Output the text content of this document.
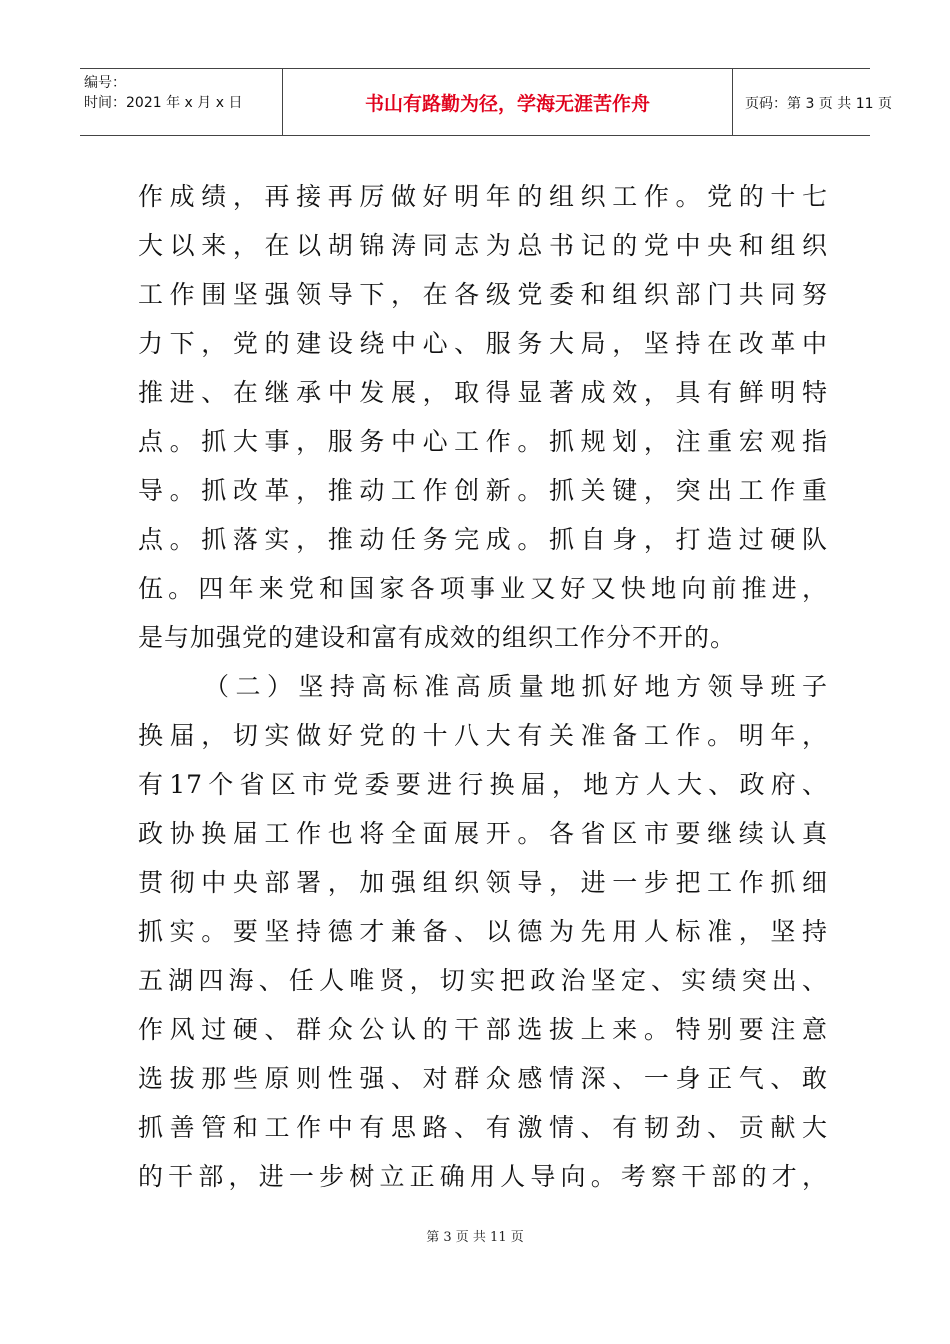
编号：
时间：2021 年 x 月 x 日	书山有路勤为径，学海无涯苦作舟	页码：第 3 页 共 11 页
作成绩，再接再厉做好明年的组织工作。党的十七
大以来，在以胡锦涛同志为总书记的党中央和组织
工作围坚强领导下，在各级党委和组织部门共同努
力下，党的建设绕中心、服务大局，坚持在改革中
推进、在继承中发展，取得显著成效，具有鲜明特
点。抓大事，服务中心工作。抓规划，注重宏观指
导。抓改革，推动工作创新。抓关键，突出工作重
点。抓落实，推动任务完成。抓自身，打造过硬队
伍。四年来党和国家各项事业又好又快地向前推进，
是与加强党的建设和富有成效的组织工作分不开的。
（二）坚持高标准高质量地抓好地方领导班子
换届，切实做好党的十八大有关准备工作。明年，
有17个省区市党委要进行换届，地方人大、政府、
政协换届工作也将全面展开。各省区市要继续认真
贯彻中央部署，加强组织领导，进一步把工作抓细
抓实。要坚持德才兼备、以德为先用人标准，坚持
五湖四海、任人唯贤，切实把政治坚定、实绩突出、
作风过硬、群众公认的干部选拔上来。特别要注意
选拔那些原则性强、对群众感情深、一身正气、敢
抓善管和工作中有思路、有激情、有韧劲、贡献大
的干部，进一步树立正确用人导向。考察干部的才，
第 3 页 共 11 页
